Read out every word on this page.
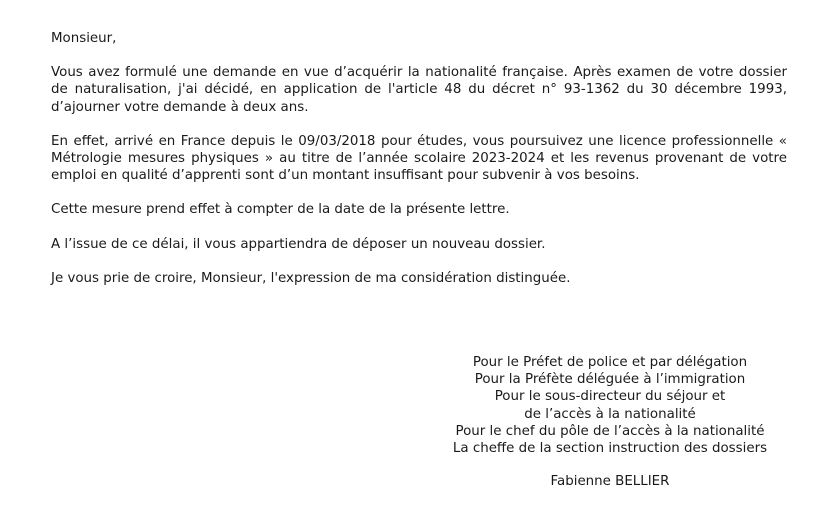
Monsieur,

Vous avez formulé une demande en vue d’acquérir la nationalité française. Après examen de votre dossier de naturalisation, j'ai décidé, en application de l'article 48 du décret n° 93-1362 du 30 décembre 1993, d’ajourner votre demande à deux ans.

En effet, arrivé en France depuis le 09/03/2018 pour études, vous poursuivez une licence professionnelle « Métrologie mesures physiques » au titre de l’année scolaire 2023-2024 et les revenus provenant de votre emploi en qualité d’apprenti sont d’un montant insuffisant pour subvenir à vos besoins.

Cette mesure prend effet à compter de la date de la présente lettre.

A l’issue de ce délai, il vous appartiendra de déposer un nouveau dossier.

Je vous prie de croire, Monsieur, l'expression de ma considération distinguée.

Pour le Préfet de police et par délégation
Pour la Préfète déléguée à l’immigration
Pour le sous-directeur du séjour et
de l’accès à la nationalité
Pour le chef du pôle de l’accès à la nationalité
La cheffe de la section instruction des dossiers
Fabienne BELLIER
